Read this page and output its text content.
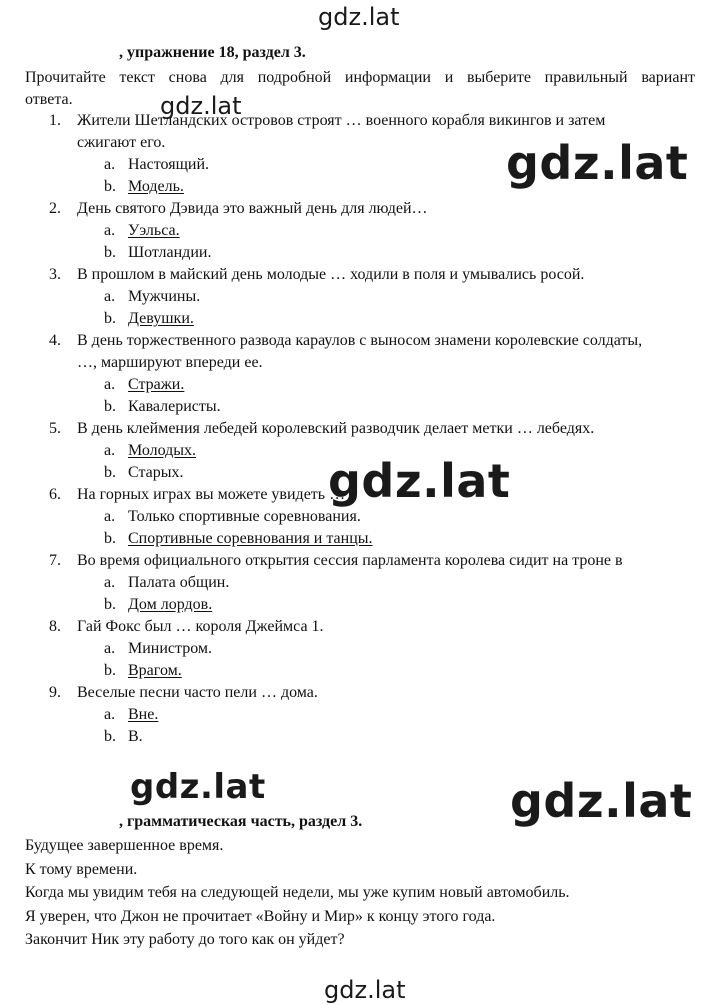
, упражнение 18, раздел 3.
Прочитайте текст снова для подробной информации и выберите правильный вариант
ответа.
1. Жители Шетландских островов строят … военного корабля викингов и затем
сжигают его.
a. Настоящий.
b. Модель.
2. День святого Дэвида это важный день для людей…
a. Уэльса.
b. Шотландии.
3. В прошлом в майский день молодые … ходили в поля и умывались росой.
a. Мужчины.
b. Девушки.
4. В день торжественного развода караулов с выносом знамени королевские солдаты,
…, маршируют впереди ее.
a. Стражи.
b. Кавалеристы.
5. В день клеймения лебедей королевский разводчик делает метки … лебедях.
a. Молодых.
b. Старых.
6. На горных играх вы можете увидеть …
a. Только спортивные соревнования.
b. Спортивные соревнования и танцы.
7. Во время официального открытия сессия парламента королева сидит на троне в
a. Палата общин.
b. Дом лордов.
8. Гай Фокс был … короля Джеймса 1.
a. Министром.
b. Врагом.
9. Веселые песни часто пели … дома.
a. Вне.
b. В.
, грамматическая часть, раздел 3.
Будущее завершенное время.
К тому времени.
Когда мы увидим тебя на следующей недели, мы уже купим новый автомобиль.
Я уверен, что Джон не прочитает «Войну и Мир» к концу этого года.
Закончит Ник эту работу до того как он уйдет?
gdz.lat
gdz.lat
gdz.lat
gdz.lat
gdz.lat	gdz.lat
gdz.lat
